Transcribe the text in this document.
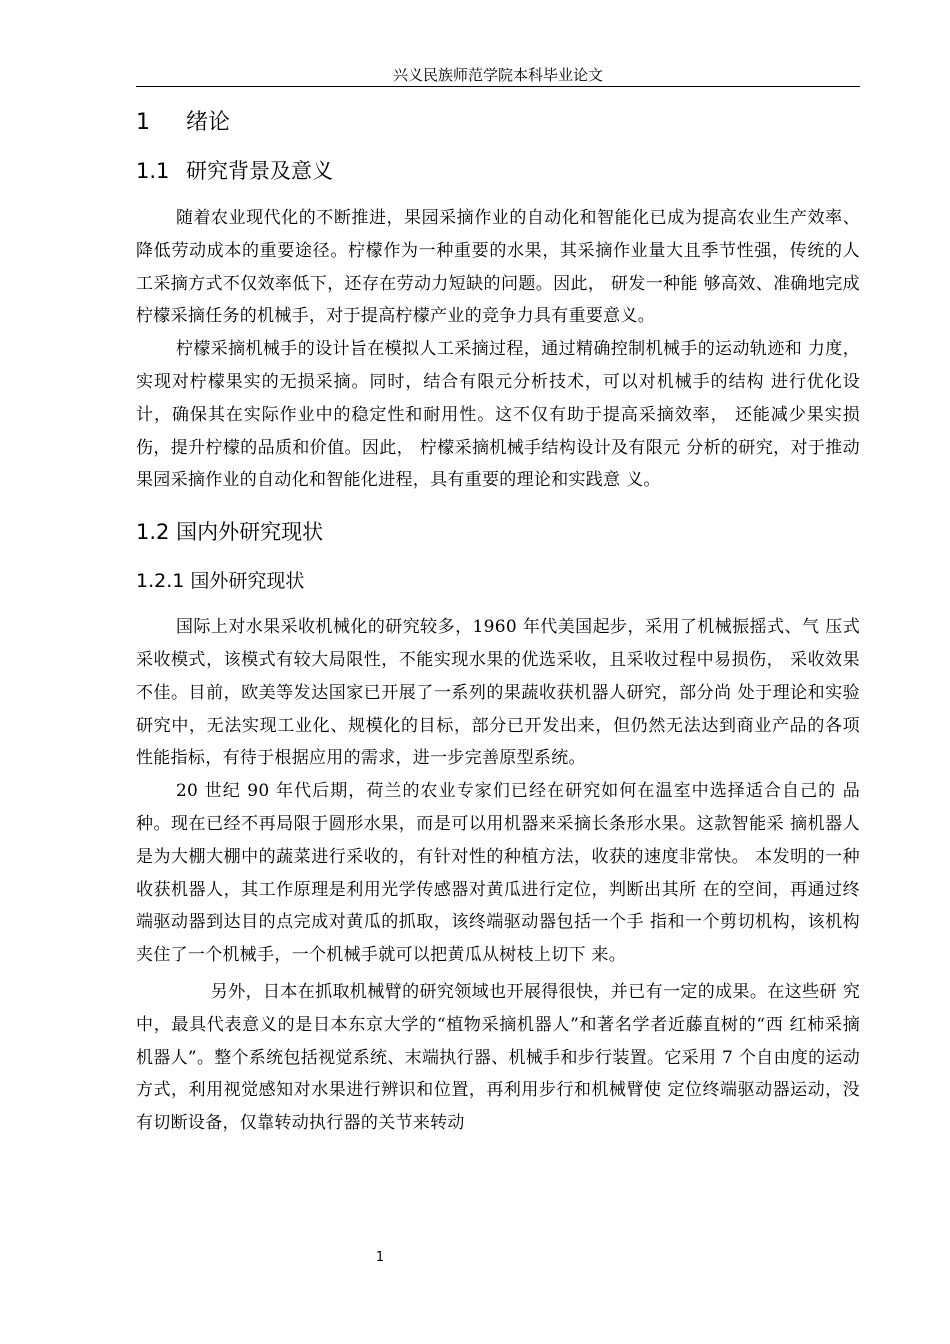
兴义民族师范学院本科毕业论文
1 绪论
1.1 研究背景及意义

随着农业现代化的不断推进，果园采摘作业的自动化和智能化已成为提高农业生产效率、降低劳动成本的重要途径。柠檬作为一种重要的水果，其采摘作业量大且季节性强，传统的人工采摘方式不仅效率低下，还存在劳动力短缺的问题。因此， 研发一种能 够高效、准确地完成柠檬采摘任务的机械手，对于提高柠檬产业的竞争力具有重要意义。

柠檬采摘机械手的设计旨在模拟人工采摘过程，通过精确控制机械手的运动轨迹和 力度，实现对柠檬果实的无损采摘。同时，结合有限元分析技术，可以对机械手的结构 进行优化设计，确保其在实际作业中的稳定性和耐用性。这不仅有助于提高采摘效率， 还能减少果实损伤，提升柠檬的品质和价值。因此， 柠檬采摘机械手结构设计及有限元 分析的研究，对于推动果园采摘作业的自动化和智能化进程，具有重要的理论和实践意 义。

1.2 国内外研究现状
1.2.1 国外研究现状

国际上对水果采收机械化的研究较多，1960 年代美国起步，采用了机械振摇式、气 压式采收模式，该模式有较大局限性，不能实现水果的优选采收，且采收过程中易损伤， 采收效果不佳。目前，欧美等发达国家已开展了一系列的果蔬收获机器人研究，部分尚 处于理论和实验研究中，无法实现工业化、规模化的目标，部分已开发出来，但仍然无法达到商业产品的各项性能指标，有待于根据应用的需求，进一步完善原型系统。

20 世纪 90 年代后期，荷兰的农业专家们已经在研究如何在温室中选择适合自己的 品种。现在已经不再局限于圆形水果，而是可以用机器来采摘长条形水果。这款智能采 摘机器人是为大棚大棚中的蔬菜进行采收的，有针对性的种植方法，收获的速度非常快。 本发明的一种收获机器人，其工作原理是利用光学传感器对黄瓜进行定位，判断出其所 在的空间，再通过终端驱动器到达目的点完成对黄瓜的抓取，该终端驱动器包括一个手 指和一个剪切机构，该机构夹住了一个机械手，一个机械手就可以把黄瓜从树枝上切下 来。

另外，日本在抓取机械臂的研究领域也开展得很快，并已有一定的成果。在这些研 究中，最具代表意义的是日本东京大学的“植物采摘机器人”和著名学者近藤直树的“西 红柿采摘机器人”。整个系统包括视觉系统、末端执行器、机械手和步行装置。它采用 7 个自由度的运动方式，利用视觉感知对水果进行辨识和位置，再利用步行和机械臂使 定位终端驱动器运动，没有切断设备，仅靠转动执行器的关节来转动

1
